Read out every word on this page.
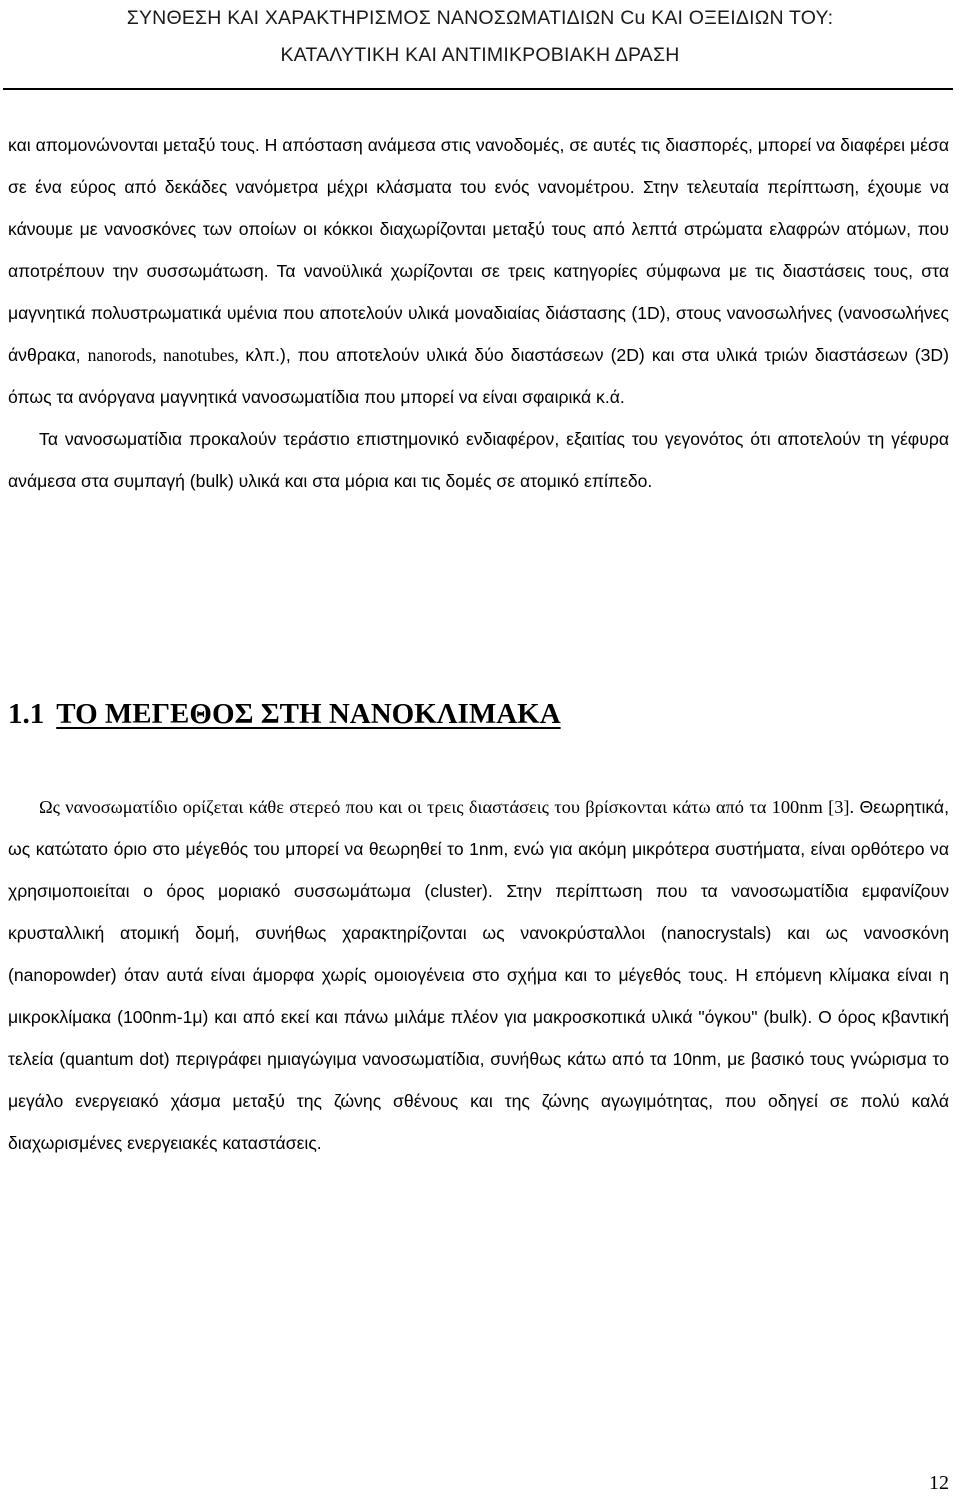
ΣΥΝΘΕΣΗ ΚΑΙ ΧΑΡΑΚΤΗΡΙΣΜΟΣ ΝΑΝΟΣΩΜΑΤΙΔΙΩΝ Cu ΚΑΙ ΟΞΕΙΔΙΩΝ ΤΟΥ:
ΚΑΤΑΛΥΤΙΚΗ ΚΑΙ ΑΝΤΙΜΙΚΡΟΒΙΑΚΗ ΔΡΑΣΗ

και απομονώνονται μεταξύ τους. Η απόσταση ανάμεσα στις νανοδομές, σε αυτές τις διασπορές, μπορεί να διαφέρει μέσα σε ένα εύρος από δεκάδες νανόμετρα μέχρι κλάσματα του ενός νανομέτρου. Στην τελευταία περίπτωση, έχουμε να κάνουμε με νανοσκόνες των οποίων οι κόκκοι διαχωρίζονται μεταξύ τους από λεπτά στρώματα ελαφρών ατόμων, που αποτρέπουν την συσσωμάτωση. Τα νανοϋλικά χωρίζονται σε τρεις κατηγορίες σύμφωνα με τις διαστάσεις τους, στα μαγνητικά πολυστρωματικά υμένια που αποτελούν υλικά μοναδιαίας διάστασης (1D), στους νανοσωλήνες (νανοσωλήνες άνθρακα, nanorods, nanotubes, κλπ.), που αποτελούν υλικά δύο διαστάσεων (2D) και στα υλικά τριών διαστάσεων (3D) όπως τα ανόργανα μαγνητικά νανοσωματίδια που μπορεί να είναι σφαιρικά κ.ά.

Τα νανοσωματίδια προκαλούν τεράστιο επιστημονικό ενδιαφέρον, εξαιτίας του γεγονότος ότι αποτελούν τη γέφυρα ανάμεσα στα συμπαγή (bulk) υλικά και στα μόρια και τις δομές σε ατομικό επίπεδο.

1.1 ΤΟ ΜΕΓΕΘΟΣ ΣΤΗ ΝΑΝΟΚΛΙΜΑΚΑ

Ως νανοσωματίδιο ορίζεται κάθε στερεό που και οι τρεις διαστάσεις του βρίσκονται κάτω από τα 100nm [3]. Θεωρητικά, ως κατώτατο όριο στο μέγεθός του μπορεί να θεωρηθεί το 1nm, ενώ για ακόμη μικρότερα συστήματα, είναι ορθότερο να χρησιμοποιείται ο όρος μοριακό συσσωμάτωμα (cluster). Στην περίπτωση που τα νανοσωματίδια εμφανίζουν κρυσταλλική ατομική δομή, συνήθως χαρακτηρίζονται ως νανοκρύσταλλοι (nanocrystals) και ως νανοσκόνη (nanopowder) όταν αυτά είναι άμορφα χωρίς ομοιογένεια στο σχήμα και το μέγεθός τους. Η επόμενη κλίμακα είναι η μικροκλίμακα (100nm-1μ) και από εκεί και πάνω μιλάμε πλέον για μακροσκοπικά υλικά "όγκου" (bulk). Ο όρος κβαντική τελεία (quantum dot) περιγράφει ημιαγώγιμα νανοσωματίδια, συνήθως κάτω από τα 10nm, με βασικό τους γνώρισμα το μεγάλο ενεργειακό χάσμα μεταξύ της ζώνης σθένους και της ζώνης αγωγιμότητας, που οδηγεί σε πολύ καλά διαχωρισμένες ενεργειακές καταστάσεις.

12
